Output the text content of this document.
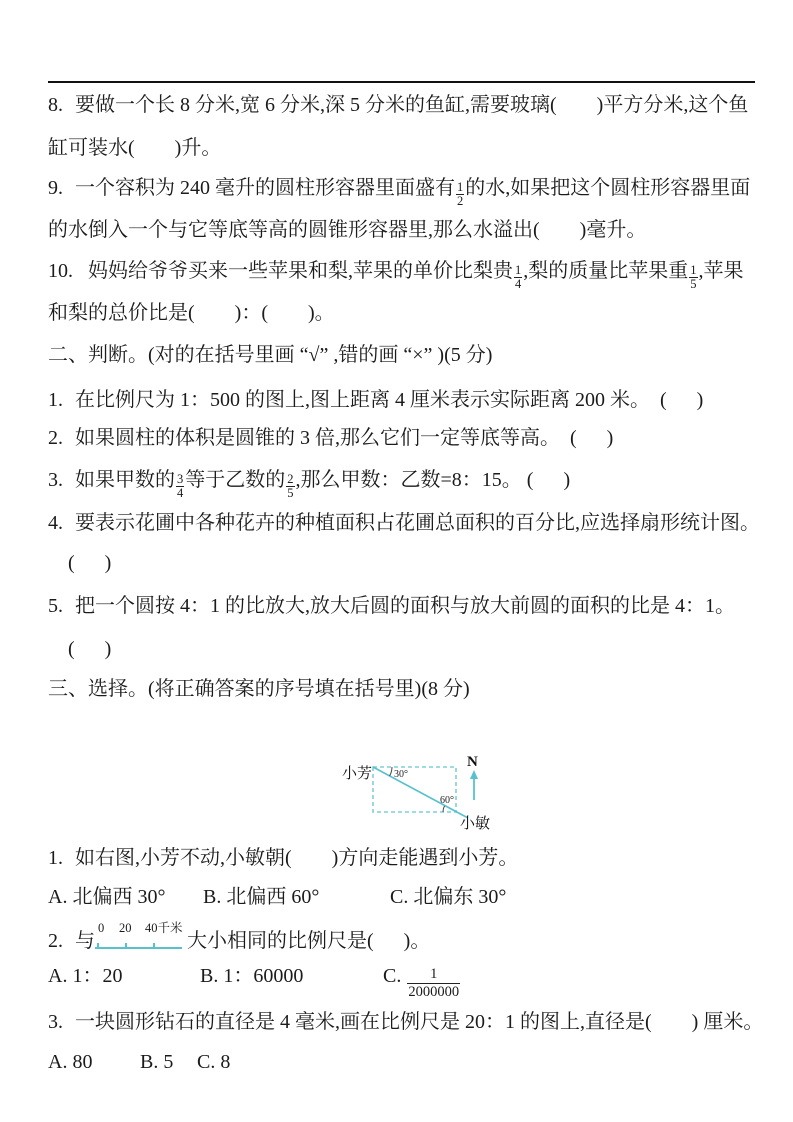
8. 要做一个长 8 分米,宽 6 分米,深 5 分米的鱼缸,需要玻璃(        )平方分米,这个鱼
缸可装水(        )升。
9. 一个容积为 240 毫升的圆柱形容器里面盛有 $\frac{1}{2}$ 的水,如果把这个圆柱形容器里面
的水倒入一个与它等底等高的圆锥形容器里,那么水溢出(        )毫升。
10. 妈妈给爷爷买来一些苹果和梨,苹果的单价比梨贵 $\frac{1}{4}$ ,梨的质量比苹果重 $\frac{1}{5}$ ,苹果
和梨的总价比是(        )：(        )。
二、判断。(对的在括号里画 “√” ,错的画 “×” )(5 分)
1. 在比例尺为 1：500 的图上,图上距离 4 厘米表示实际距离 200 米。  (      )
2. 如果圆柱的体积是圆锥的 3 倍,那么它们一定等底等高。  (      )
3. 如果甲数的 $\frac{3}{4}$ 等于乙数的 $\frac{2}{5}$ ,那么甲数：乙数=8：15。 (      )
4. 要表示花圃中各种花卉的种植面积占花圃总面积的百分比,应选择扇形统计图。
(      )
5. 把一个圆按 4：1 的比放大,放大后圆的面积与放大前圆的面积的比是 4：1。
(      )
三、选择。(将正确答案的序号填在括号里)(8 分)
30°
60°
小芳
小敏
N
1. 如右图,小芳不动,小敏朝(        )方向走能遇到小芳。
A. 北偏西 30° B. 北偏西 60°	C. 北偏东 30°
2. 与
0 20 40千米
大小相同的比例尺是(      )。
A. 1：20	B. 1：60000	C. $\frac{1}{2000000}$
3. 一块圆形钻石的直径是 4 毫米,画在比例尺是 20：1 的图上,直径是(        ) 厘米。
A. 80 B. 5 C. 8
